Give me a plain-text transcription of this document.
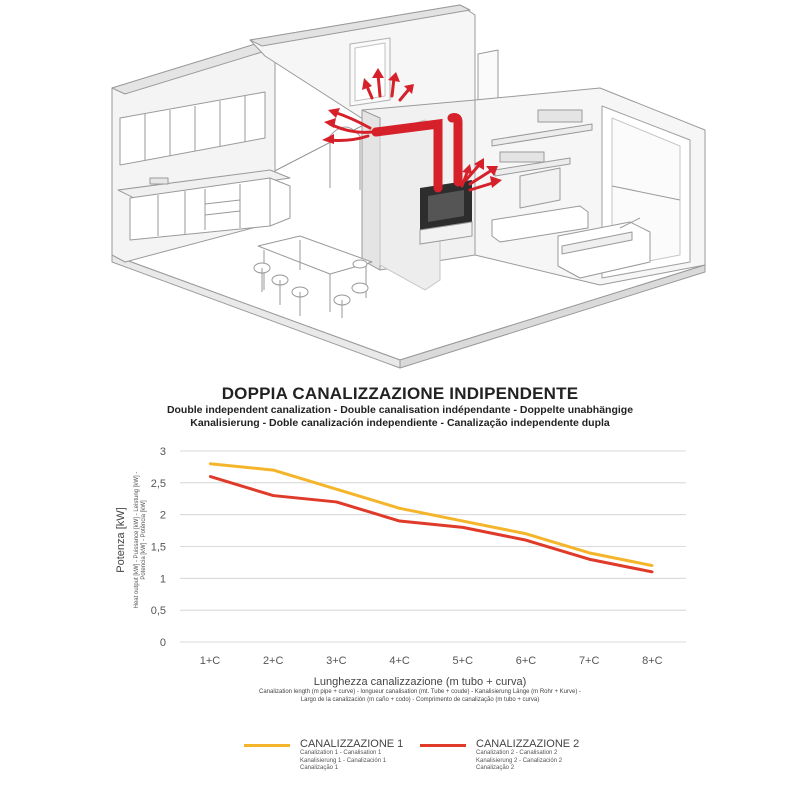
DOPPIA CANALIZZAZIONE INDIPENDENTE
Double independent canalization - Double canalisation indépendante - Doppelte unabhängige
Kanalisierung - Doble canalización independiente - Canalização independente dupla
0
0,5
1
1,5
2
2,5
3
1+C	2+C	3+C	4+C	5+C	6+C	7+C	8+C
Potenza [kW] Heat output [kW] - Puissance [kW] - Leistung [kW] - Potencia [kW] - Potência [kW]
Lunghezza canalizzazione (m tubo + curva)
Canalization length (m pipe + curve) - longueur canalisation (mt. Tube + coude) - Kanalisierung Länge (m Rohr + Kurve) -
Largo de la canalización (m caño + codo) - Comprimento de canalização (m tubo + curva)
CANALIZZAZIONE 1
Canalization 1 - Canalisation 1
Kanalisierung 1 - Canalización 1
Canalização 1
CANALIZZAZIONE 2
Canalization 2 - Canalisation 2
Kanalisierung 2 - Canalización 2
Canalização 2
